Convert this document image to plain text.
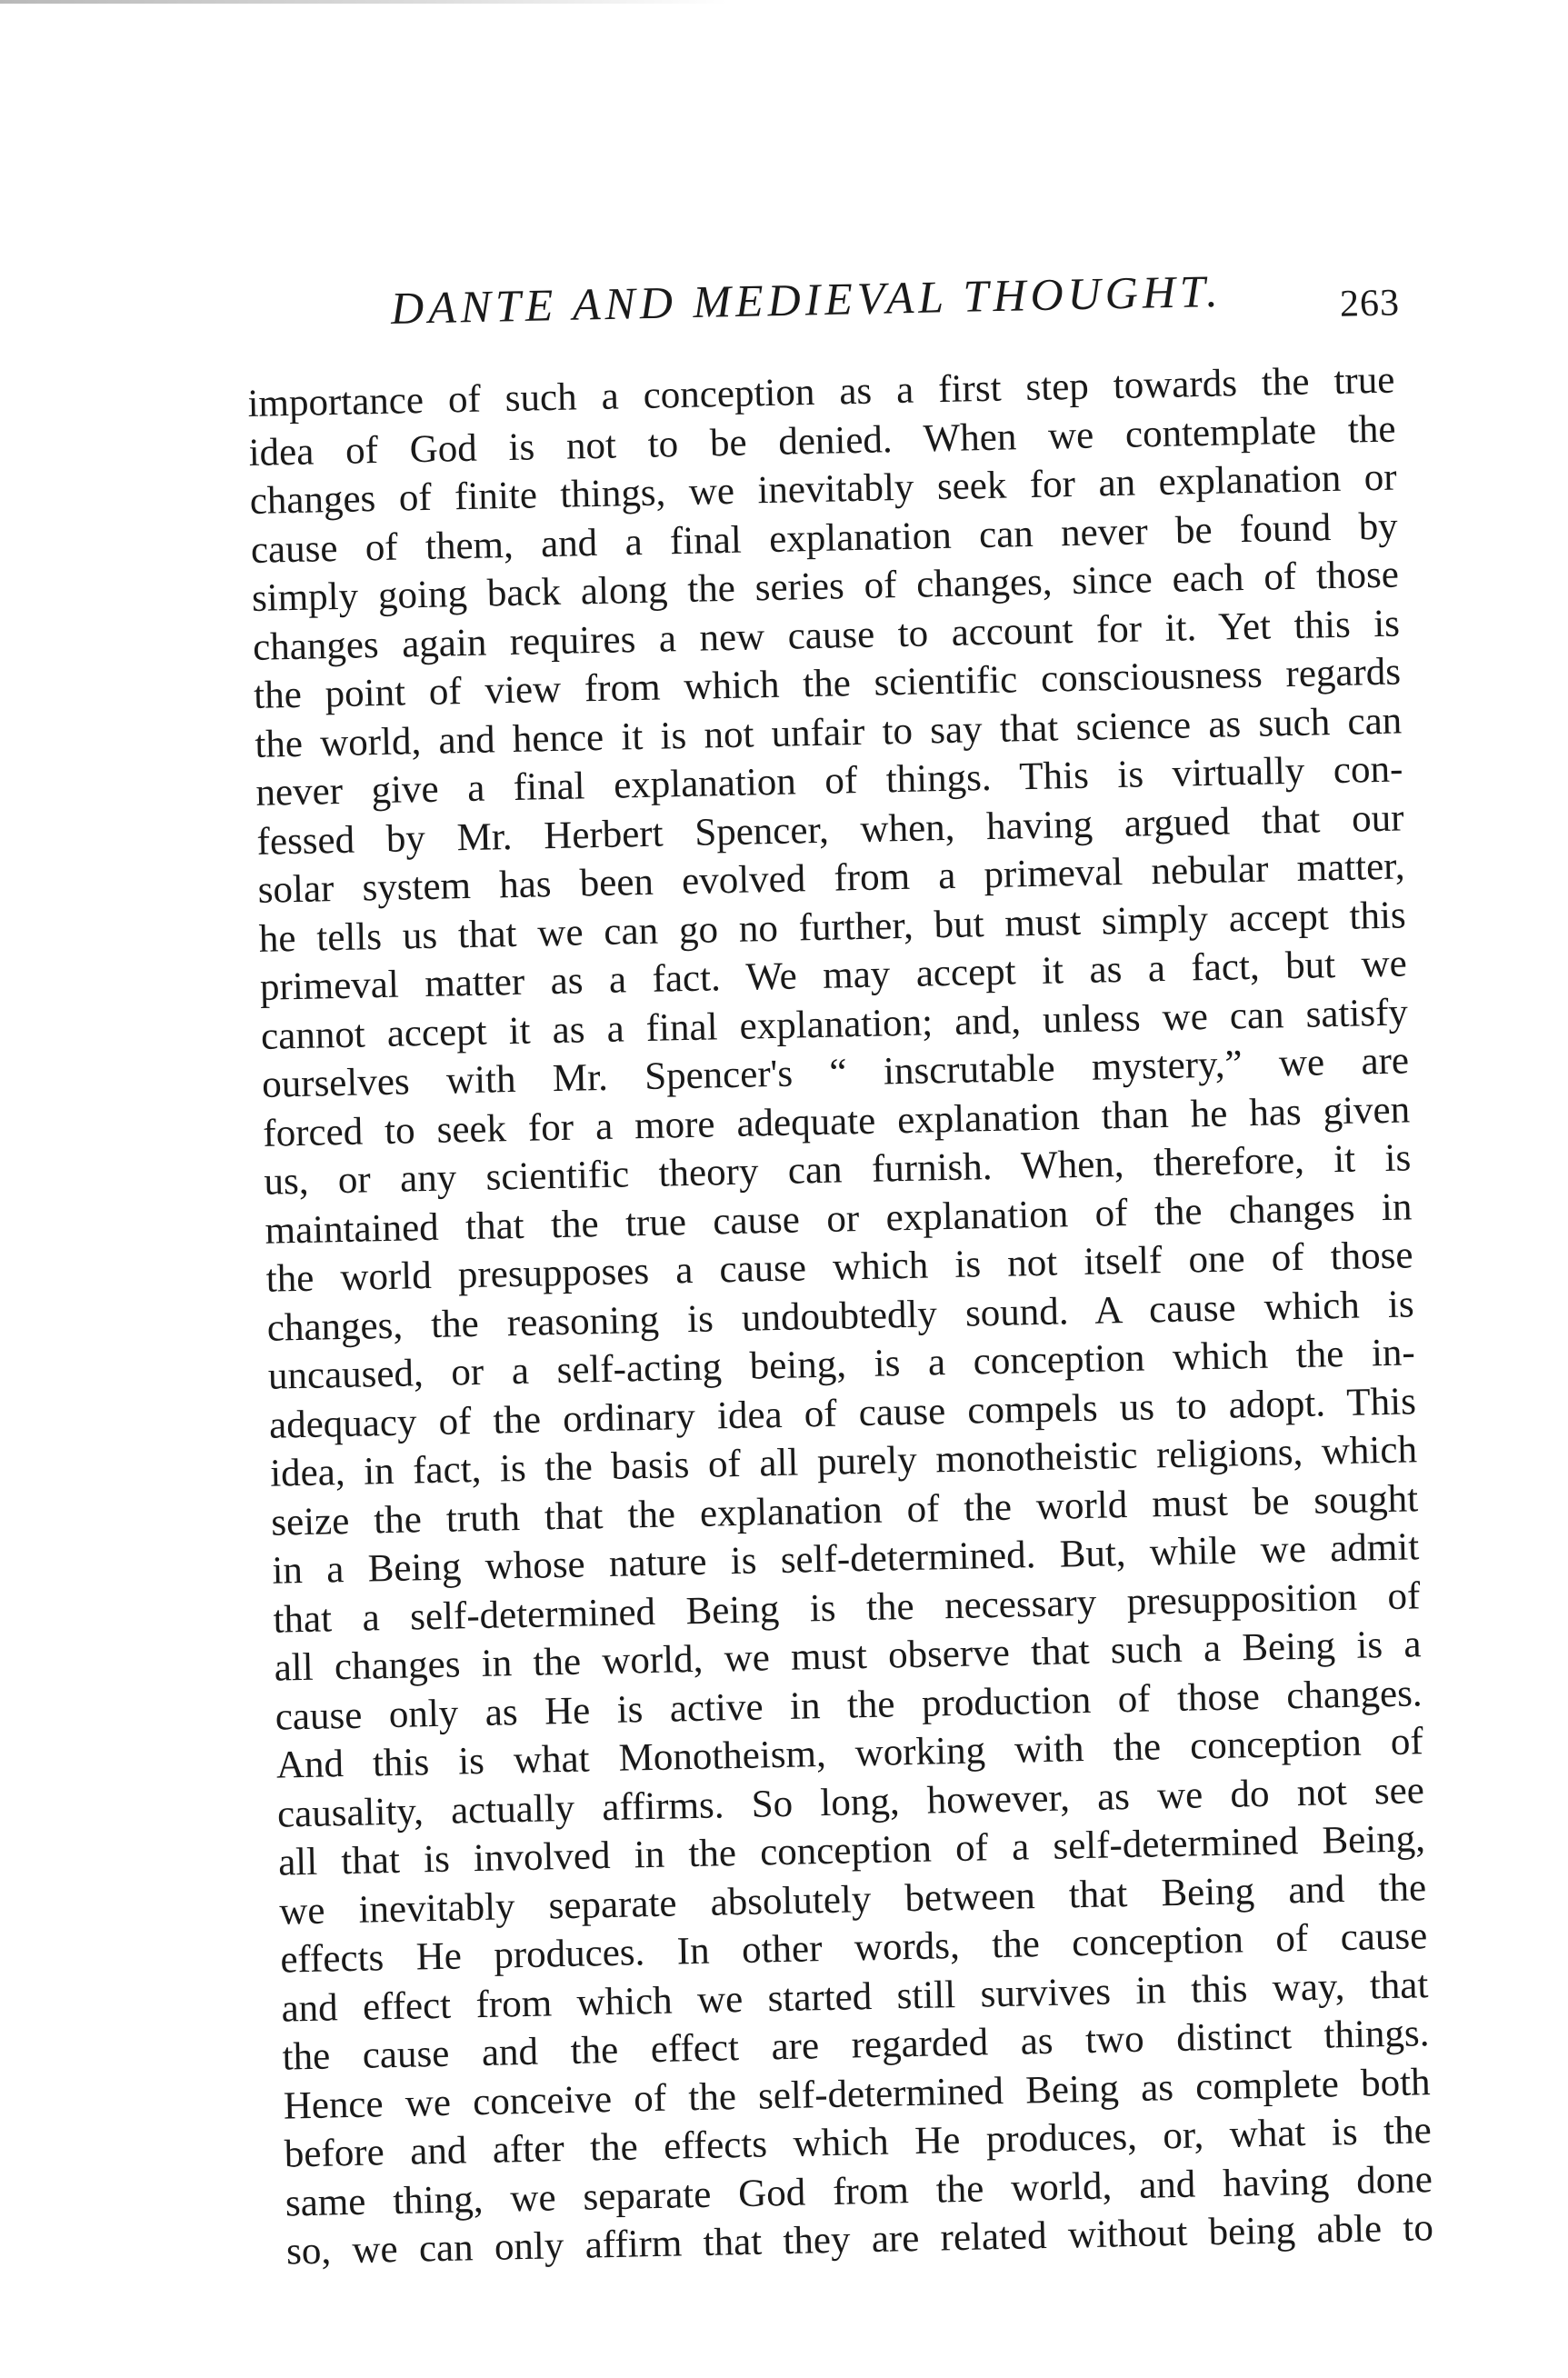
DANTE AND MEDIEVAL THOUGHT.	263
importance of such a conception as a first step towards the true
idea of God is not to be denied. When we contemplate the
changes of finite things, we inevitably seek for an explanation or
cause of them, and a final explanation can never be found by
simply going back along the series of changes, since each of those
changes again requires a new cause to account for it. Yet this is
the point of view from which the scientific consciousness regards
the world, and hence it is not unfair to say that science as such can
never give a final explanation of things. This is virtually con-
fessed by Mr. Herbert Spencer, when, having argued that our
solar system has been evolved from a primeval nebular matter,
he tells us that we can go no further, but must simply accept this
primeval matter as a fact. We may accept it as a fact, but we
cannot accept it as a final explanation; and, unless we can satisfy
ourselves with Mr. Spencer's “ inscrutable mystery,” we are
forced to seek for a more adequate explanation than he has given
us, or any scientific theory can furnish. When, therefore, it is
maintained that the true cause or explanation of the changes in
the world presupposes a cause which is not itself one of those
changes, the reasoning is undoubtedly sound. A cause which is
uncaused, or a self-acting being, is a conception which the in-
adequacy of the ordinary idea of cause compels us to adopt. This
idea, in fact, is the basis of all purely monotheistic religions, which
seize the truth that the explanation of the world must be sought
in a Being whose nature is self-determined. But, while we admit
that a self-determined Being is the necessary presupposition of
all changes in the world, we must observe that such a Being is a
cause only as He is active in the production of those changes.
And this is what Monotheism, working with the conception of
causality, actually affirms. So long, however, as we do not see
all that is involved in the conception of a self-determined Being,
we inevitably separate absolutely between that Being and the
effects He produces. In other words, the conception of cause
and effect from which we started still survives in this way, that
the cause and the effect are regarded as two distinct things.
Hence we conceive of the self-determined Being as complete both
before and after the effects which He produces, or, what is the
same thing, we separate God from the world, and having done
so, we can only affirm that they are related without being able to
